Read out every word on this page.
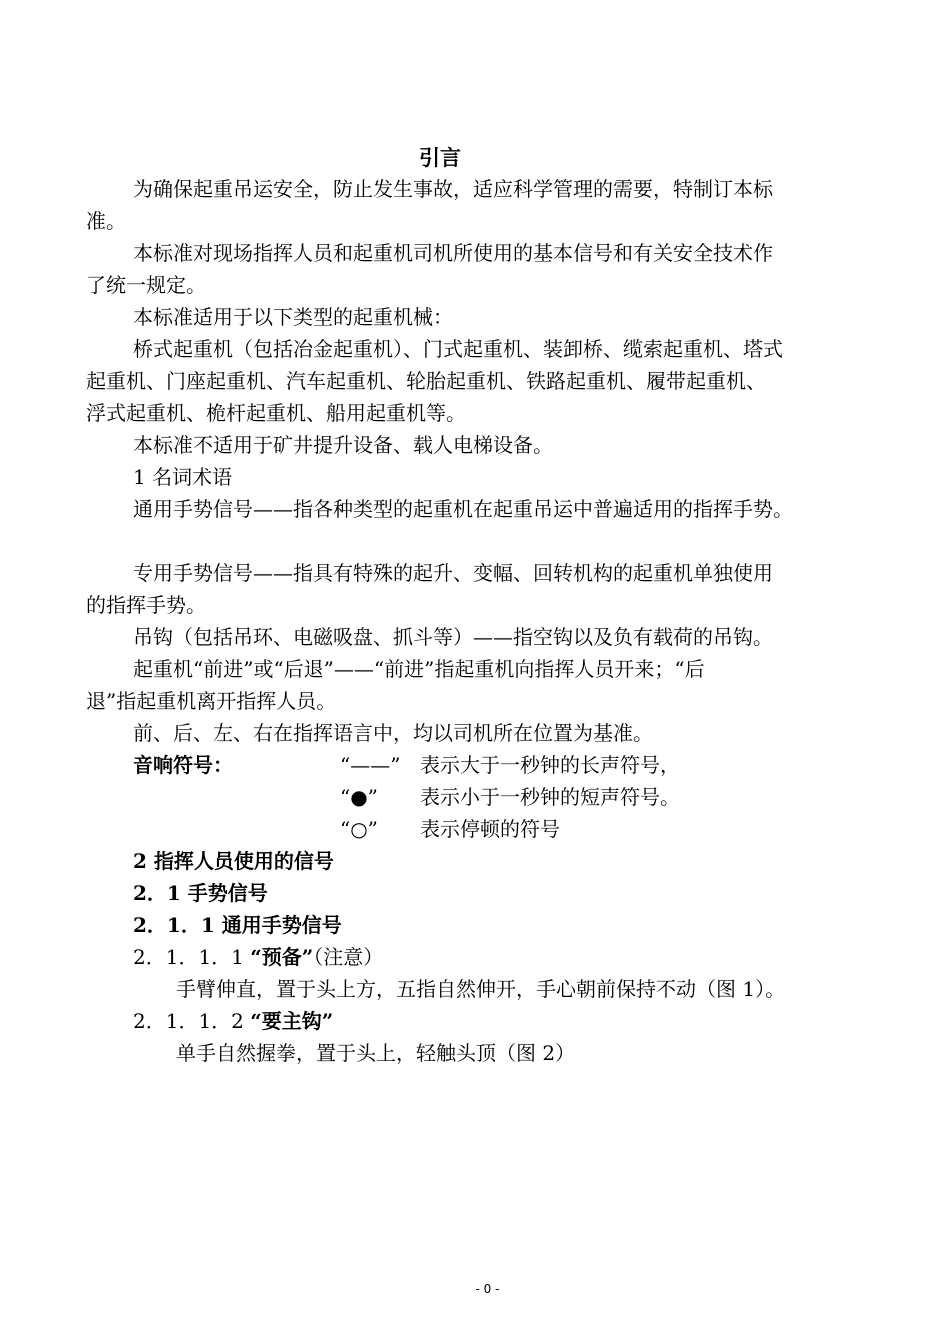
引言
为确保起重吊运安全，防止发生事故，适应科学管理的需要，特制订本标
准。
本标准对现场指挥人员和起重机司机所使用的基本信号和有关安全技术作
了统一规定。
本标准适用于以下类型的起重机械：
桥式起重机（包括冶金起重机）、门式起重机、装卸桥、缆索起重机、塔式
起重机、门座起重机、汽车起重机、轮胎起重机、铁路起重机、履带起重机、
浮式起重机、桅杆起重机、船用起重机等。
本标准不适用于矿井提升设备、载人电梯设备。
1 名词术语
通用手势信号——指各种类型的起重机在起重吊运中普遍适用的指挥手势。
专用手势信号——指具有特殊的起升、变幅、回转机构的起重机单独使用
的指挥手势。
吊钩（包括吊环、电磁吸盘、抓斗等）——指空钩以及负有载荷的吊钩。
起重机“前进”或“后退”——“前进”指起重机向指挥人员开来；“后
退”指起重机离开指挥人员。
前、后、左、右在指挥语言中，均以司机所在位置为基准。
音响符号：	“——” 表示大于一秒钟的长声符号，
“●” 表示小于一秒钟的短声符号。
“○” 表示停顿的符号
2 指挥人员使用的信号
2．1 手势信号
2．1．1 通用手势信号
2．1．1．1 “预备”（注意）
手臂伸直，置于头上方，五指自然伸开，手心朝前保持不动（图 1）。
2．1．1．2 “要主钩”
单手自然握拳，置于头上，轻触头顶（图 2）
- 0 -
